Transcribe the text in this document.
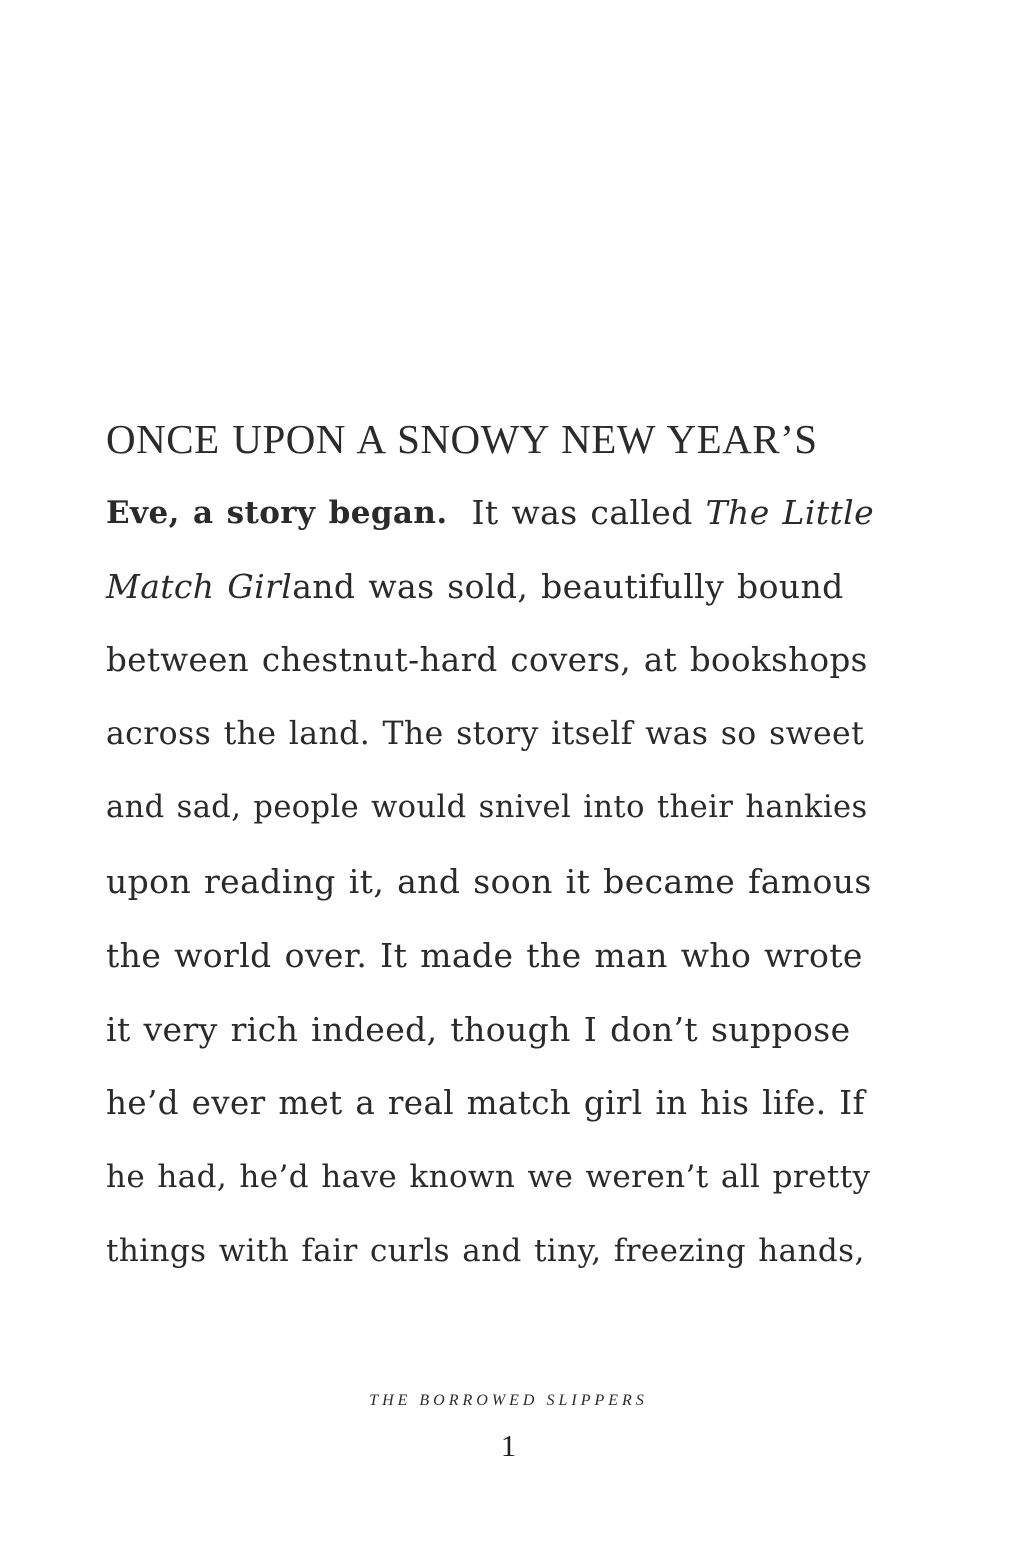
ONCE UPON A SNOWY NEW YEAR’S
Eve, a story began. It was called The Little
Match Girl and was sold, beautifully bound
between chestnut-hard covers, at bookshops
across the land. The story itself was so sweet
and sad, people would snivel into their hankies
upon reading it, and soon it became famous
the world over. It made the man who wrote
it very rich indeed, though I don’t suppose
he’d ever met a real match girl in his life. If
he had, he’d have known we weren’t all pretty
things with fair curls and tiny, freezing hands,
THE BORROWED SLIPPERS
1
